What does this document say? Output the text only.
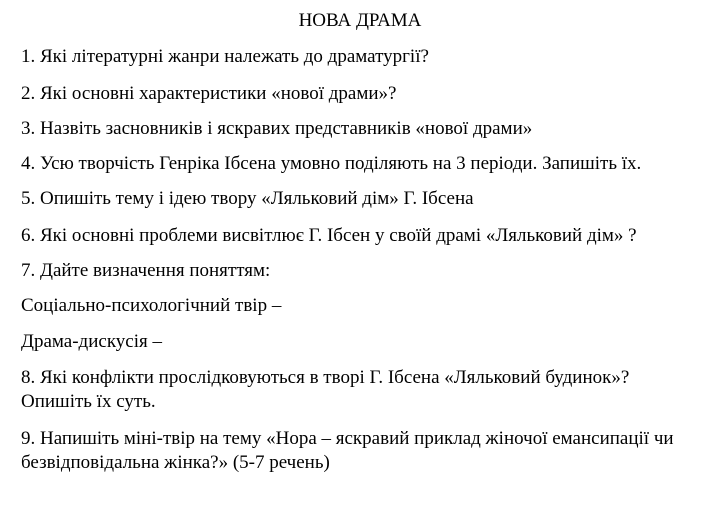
НОВА ДРАМА
1. Які літературні жанри належать до драматургії?
2. Які основні характеристики «нової драми»?
3. Назвіть засновників і яскравих представників «нової драми»
4. Усю творчість Генріка Ібсена умовно поділяють на 3 періоди. Запишіть їх.
5. Опишіть тему і ідею твору «Ляльковий дім» Г. Ібсена
6. Які основні проблеми висвітлює Г. Ібсен у своїй драмі «Ляльковий дім» ?
7. Дайте визначення поняттям:
Соціально-психологічний твір –
Драма-дискусія –
8. Які конфлікти прослідковуються в творі Г. Ібсена «Ляльковий будинок»?
Опишіть їх суть.
9. Напишіть міні-твір на тему «Нора – яскравий приклад жіночої емансипації чи
безвідповідальна жінка?» (5-7 речень)
